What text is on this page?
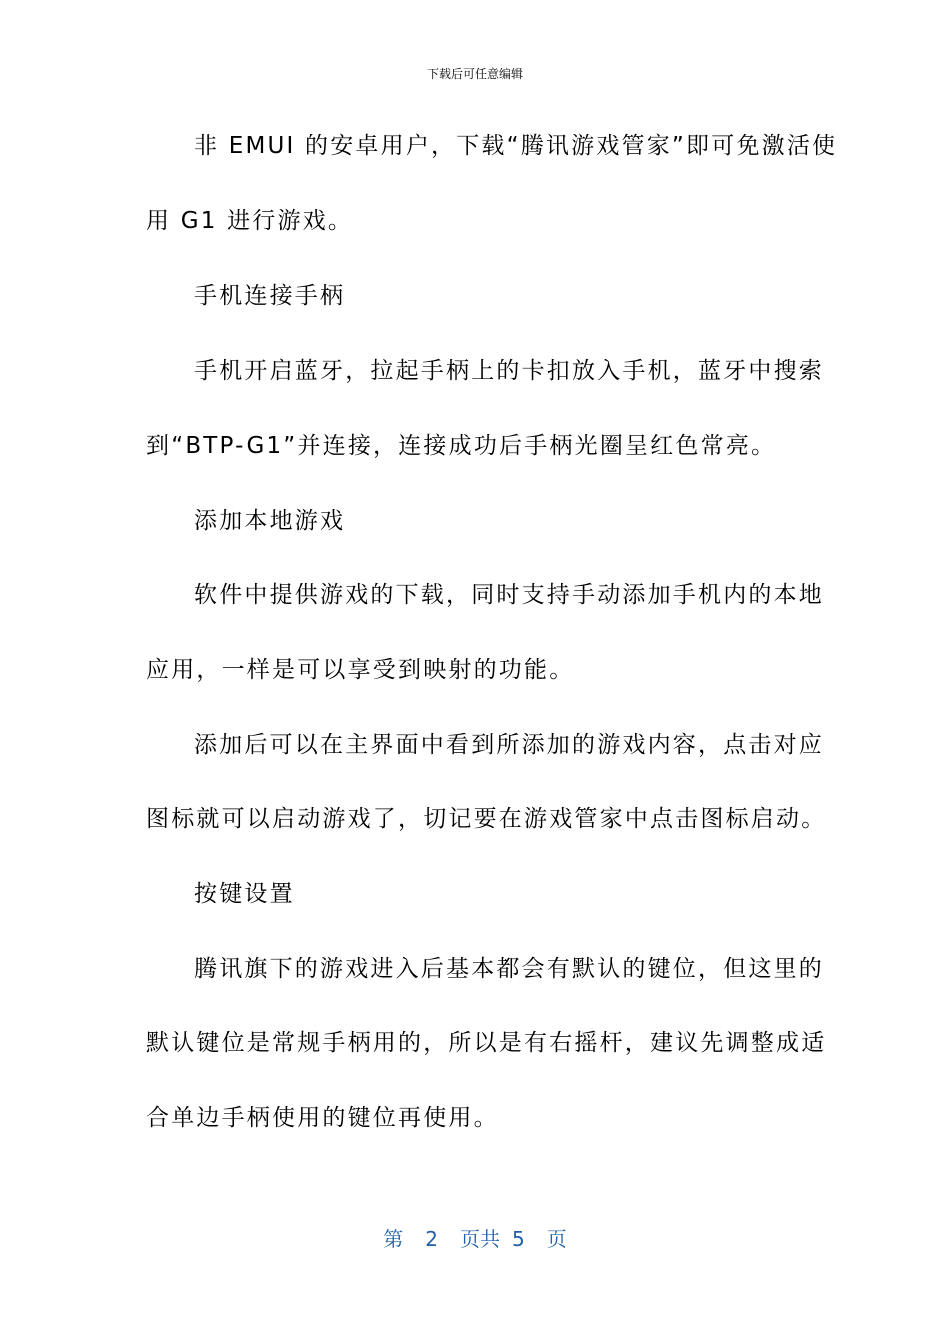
下载后可任意编辑
非 EMUI 的安卓用户，下载“腾讯游戏管家”即可免激活使
用 G1 进行游戏。
手机连接手柄
手机开启蓝牙，拉起手柄上的卡扣放入手机，蓝牙中搜索
到“BTP-G1”并连接，连接成功后手柄光圈呈红色常亮。
添加本地游戏
软件中提供游戏的下载，同时支持手动添加手机内的本地
应用，一样是可以享受到映射的功能。
添加后可以在主界面中看到所添加的游戏内容，点击对应
图标就可以启动游戏了，切记要在游戏管家中点击图标启动。
按键设置
腾讯旗下的游戏进入后基本都会有默认的键位，但这里的
默认键位是常规手柄用的，所以是有右摇杆，建议先调整成适
合单边手柄使用的键位再使用。
第 2 页共 5 页
